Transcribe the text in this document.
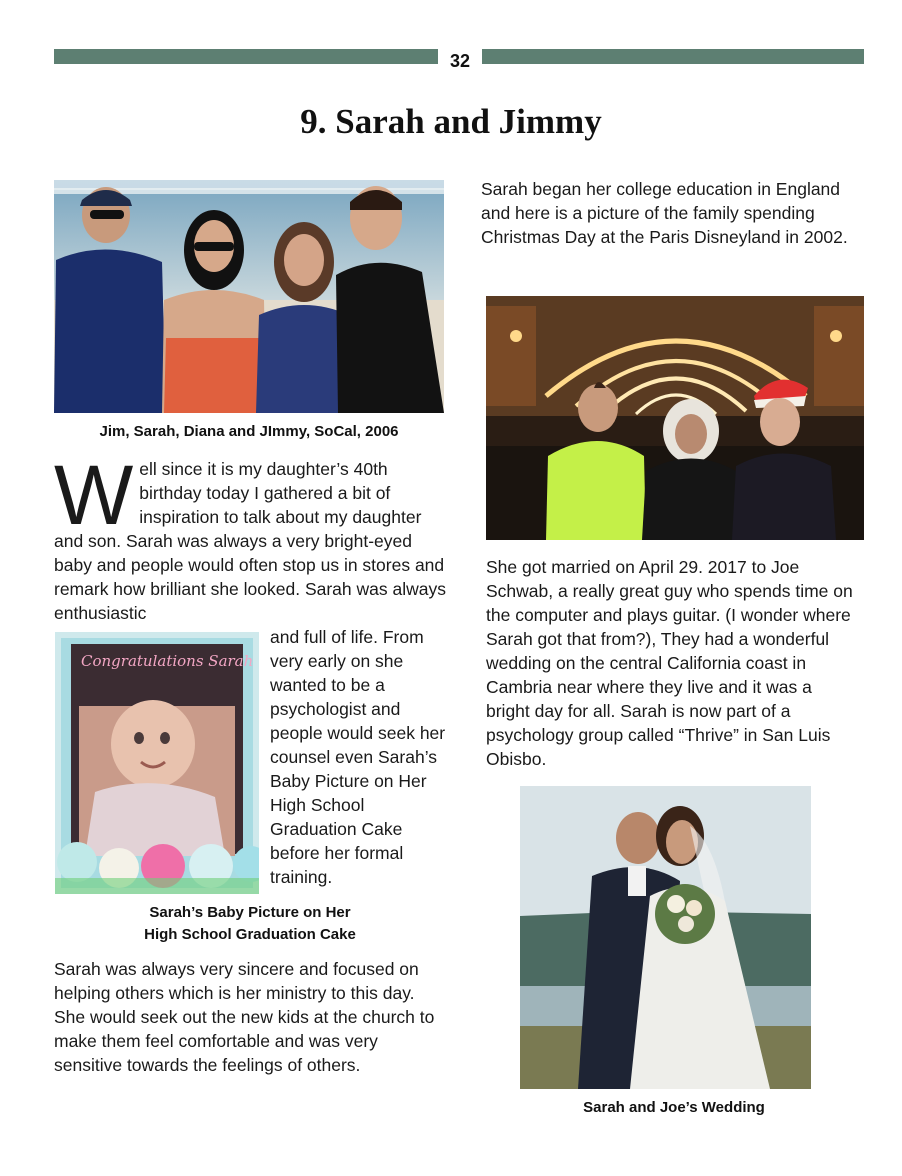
32
9. Sarah and Jimmy
Jim, Sarah, Diana and JImmy, SoCal, 2006
Well since it is my daughter’s 40th birthday today I gathered a bit of inspiration to talk about my daughter and son. Sarah was always a very bright-eyed baby and people would often stop us in stores and remark how brilliant she looked. Sarah was always enthusiastic
Congratulations Sarah
and full of life. From very early on she wanted to be a psychologist and people would seek her counsel even Sarah’s Baby Picture on Her High School Graduation Cake before her formal training.
Sarah’s Baby Picture on Her
High School Graduation Cake
Sarah was always very sincere and focused on helping others which is her ministry to this day. She would seek out the new kids at the church to make them feel comfortable and was very sensitive towards the feelings of others.
Sarah began her college education in England and here is a picture of the family spending Christmas Day at the Paris Disneyland in 2002.
She got married on April 29. 2017 to Joe Schwab, a really great guy who spends time on the computer and plays guitar. (I wonder where Sarah got that from?), They had a wonderful wedding on the central California coast in Cambria near where they live and it was a bright day for all. Sarah is now part of a psychology group called “Thrive” in San Luis Obisbo.
Sarah and Joe’s Wedding
